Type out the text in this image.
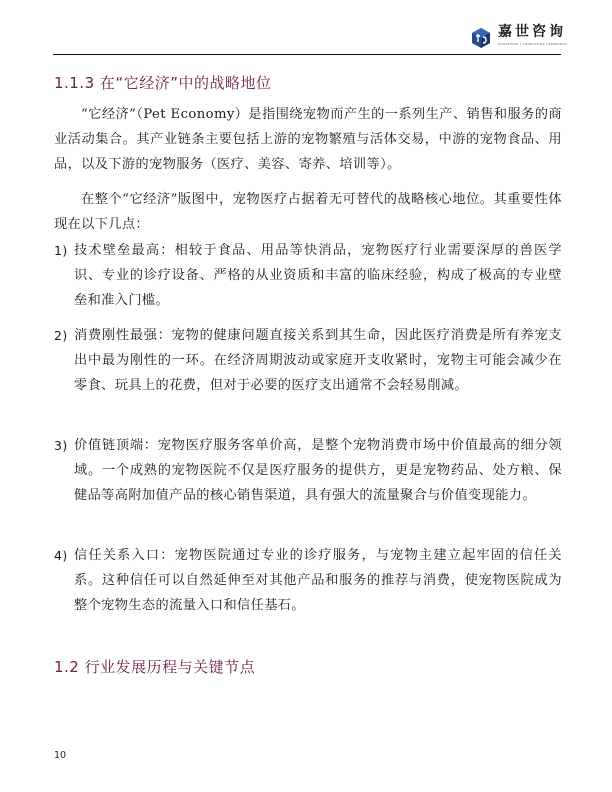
嘉世咨询
MARKETING | CONSULTING | RESEARCH
1.1.3 在“它经济”中的战略地位

“它经济”（Pet Economy）是指围绕宠物而产生的一系列生产、销售和服务的商业活动集合。其产业链条主要包括上游的宠物繁殖与活体交易，中游的宠物食品、用品，以及下游的宠物服务（医疗、美容、寄养、培训等）。

在整个“它经济”版图中，宠物医疗占据着无可替代的战略核心地位。其重要性体现在以下几点：

1) 技术壁垒最高：相较于食品、用品等快消品，宠物医疗行业需要深厚的兽医学识、专业的诊疗设备、严格的从业资质和丰富的临床经验，构成了极高的专业壁垒和准入门槛。
2) 消费刚性最强：宠物的健康问题直接关系到其生命，因此医疗消费是所有养宠支出中最为刚性的一环。在经济周期波动或家庭开支收紧时，宠物主可能会减少在零食、玩具上的花费，但对于必要的医疗支出通常不会轻易削减。
3) 价值链顶端：宠物医疗服务客单价高，是整个宠物消费市场中价值最高的细分领域。一个成熟的宠物医院不仅是医疗服务的提供方，更是宠物药品、处方粮、保健品等高附加值产品的核心销售渠道，具有强大的流量聚合与价值变现能力。
4) 信任关系入口：宠物医院通过专业的诊疗服务，与宠物主建立起牢固的信任关系。这种信任可以自然延伸至对其他产品和服务的推荐与消费，使宠物医院成为整个宠物生态的流量入口和信任基石。
1.2 行业发展历程与关键节点
10
